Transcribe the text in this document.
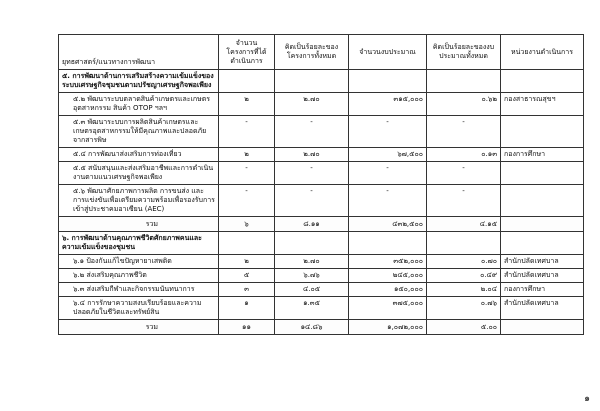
ยุทธศาสตร์/แนวทางการพัฒนา	จำนวนโครงการที่ได้ดำเนินการ	คิดเป็นร้อยละของโครงการทั้งหมด	จำนวนงบประมาณ	คิดเป็นร้อยละของงบประมาณทั้งหมด	หน่วยงานดำเนินการ
๕. การพัฒนาด้านการเสริมสร้างความเข้มแข็งของระบบเศรษฐกิจชุมชนตามปรัชญาเศรษฐกิจพอเพียง					
๕.๒ พัฒนาระบบตลาดสินค้าเกษตรและเกษตรอุตสาหกรรม สินค้า OTOP ฯลฯ	๒	๒.๗๐	๓๑๕,๐๐๐	๐.๖๒	กองสาธารณสุขฯ
๕.๓ พัฒนาระบบการผลิตสินค้าเกษตรและเกษตรอุตสาหกรรมให้มีคุณภาพและปลอดภัยจากสารพิษ	-	-	-	-	
๕.๔ การพัฒนาส่งเสริมการท่องเที่ยว	๒	๒.๗๐	๖๗,๕๐๐	๐.๑๓	กองการศึกษา
๕.๕ สนับสนุนและส่งเสริมอาชีพและการดำเนินงานตามแนวเศรษฐกิจพอเพียง	-	-	-	-	
๕.๖ พัฒนาศักยภาพการผลิต การขนส่ง และการแข่งขันเพื่อเตรียมความพร้อมเพื่อรองรับการเข้าสู่ประชาคมอาเซียน (AEC)	-	-	-	-	
รวม	๖	๘.๑๑	๔๓๒,๕๐๐	๔.๑๕	
๖. การพัฒนาด้านคุณภาพชีวิตศักยภาพคนและความเข้มแข็งของชุมชน					
๖.๑ ป้องกันแก้ไขปัญหายาเสพติด	๒	๒.๗๐	๓๕๒,๐๐๐	๐.๗๐	สำนักปลัดเทศบาล
๖.๒ ส่งเสริมคุณภาพชีวิต	๕	๖.๗๖	๒๔๕,๐๐๐	๐.๔๙	สำนักปลัดเทศบาล
๖.๓ ส่งเสริมกีฬาและกิจกรรมนันทนาการ	๓	๔.๐๕	๑๕๐,๐๐๐	๒.๐๔	กองการศึกษา
๖.๔ การรักษาความสงบเรียบร้อยและความปลอดภัยในชีวิตและทรัพย์สิน	๑	๑.๓๕	๓๗๕,๐๐๐	๐.๗๖	สำนักปลัดเทศบาล
รวม	๑๑	๑๔.๘๖	๑,๐๗๒,๐๐๐	๕.๐๐	
๑
